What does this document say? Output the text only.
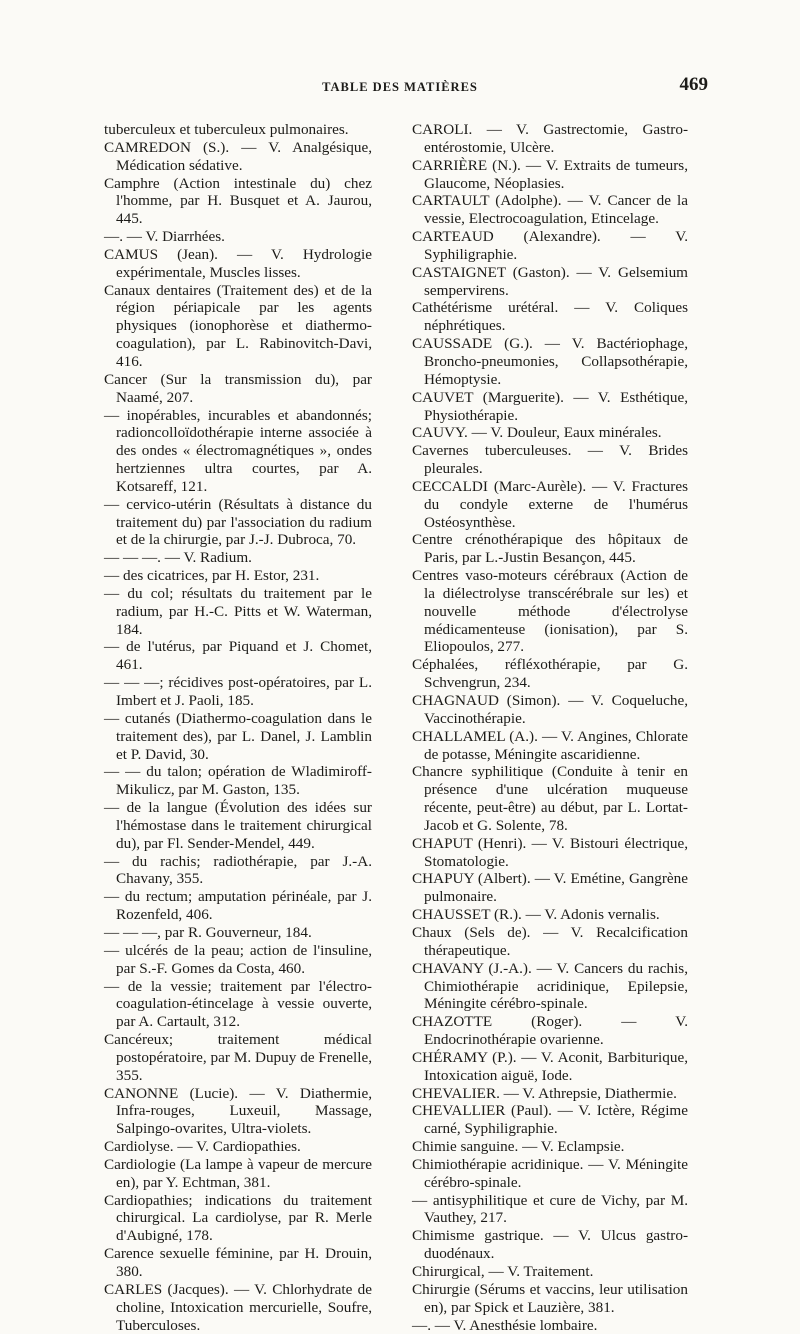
TABLE DES MATIÈRES	469

tuberculeux et tuberculeux pulmonaires.

CAMREDON (S.). — V. Analgésique, Médication sédative.

Camphre (Action intestinale du) chez l'homme, par H. Busquet et A. Jaurou, 445.

—. — V. Diarrhées.

CAMUS (Jean). — V. Hydrologie expérimentale, Muscles lisses.

Canaux dentaires (Traitement des) et de la région périapicale par les agents physiques (ionophorèse et diathermo-coagulation), par L. Rabinovitch-Davi, 416.

Cancer (Sur la transmission du), par Naamé, 207.

— inopérables, incurables et abandonnés; radioncolloïdothérapie interne associée à des ondes « électromagnétiques », ondes hertziennes ultra courtes, par A. Kotsareff, 121.

— cervico-utérin (Résultats à distance du traitement du) par l'association du radium et de la chirurgie, par J.-J. Dubroca, 70.

— — —. — V. Radium.

— des cicatrices, par H. Estor, 231.

— du col; résultats du traitement par le radium, par H.-C. Pitts et W. Waterman, 184.

— de l'utérus, par Piquand et J. Chomet, 461.

— — —; récidives post-opératoires, par L. Imbert et J. Paoli, 185.

— cutanés (Diathermo-coagulation dans le traitement des), par L. Danel, J. Lamblin et P. David, 30.

— — du talon; opération de Wladimiroff-Mikulicz, par M. Gaston, 135.

— de la langue (Évolution des idées sur l'hémostase dans le traitement chirurgical du), par Fl. Sender-Mendel, 449.

— du rachis; radiothérapie, par J.-A. Chavany, 355.

— du rectum; amputation périnéale, par J. Rozenfeld, 406.

— — —, par R. Gouverneur, 184.

— ulcérés de la peau; action de l'insuline, par S.-F. Gomes da Costa, 460.

— de la vessie; traitement par l'électro-coagulation-étincelage à vessie ouverte, par A. Cartault, 312.

Cancéreux; traitement médical postopératoire, par M. Dupuy de Frenelle, 355.

CANONNE (Lucie). — V. Diathermie, Infra-rouges, Luxeuil, Massage, Salpingo-ovarites, Ultra-violets.

Cardiolyse. — V. Cardiopathies.

Cardiologie (La lampe à vapeur de mercure en), par Y. Echtman, 381.

Cardiopathies; indications du traitement chirurgical. La cardiolyse, par R. Merle d'Aubigné, 178.

Carence sexuelle féminine, par H. Drouin, 380.

CARLES (Jacques). — V. Chlorhydrate de choline, Intoxication mercurielle, Soufre, Tuberculoses.

CAROLI. — V. Gastrectomie, Gastro-entérostomie, Ulcère.

CARRIÈRE (N.). — V. Extraits de tumeurs, Glaucome, Néoplasies.

CARTAULT (Adolphe). — V. Cancer de la vessie, Electrocoagulation, Etincelage.

CARTEAUD (Alexandre). — V. Syphiligraphie.

CASTAIGNET (Gaston). — V. Gelsemium sempervirens.

Cathétérisme urétéral. — V. Coliques néphrétiques.

CAUSSADE (G.). — V. Bactériophage, Broncho-pneumonies, Collapsothérapie, Hémoptysie.

CAUVET (Marguerite). — V. Esthétique, Physiothérapie.

CAUVY. — V. Douleur, Eaux minérales.

Cavernes tuberculeuses. — V. Brides pleurales.

CECCALDI (Marc-Aurèle). — V. Fractures du condyle externe de l'humérus Ostéosynthèse.

Centre crénothérapique des hôpitaux de Paris, par L.-Justin Besançon, 445.

Centres vaso-moteurs cérébraux (Action de la diélectrolyse transcérébrale sur les) et nouvelle méthode d'électrolyse médicamenteuse (ionisation), par S. Eliopoulos, 277.

Céphalées, réfléxothérapie, par G. Schvengrun, 234.

CHAGNAUD (Simon). — V. Coqueluche, Vaccinothérapie.

CHALLAMEL (A.). — V. Angines, Chlorate de potasse, Méningite ascaridienne.

Chancre syphilitique (Conduite à tenir en présence d'une ulcération muqueuse récente, peut-être) au début, par L. Lortat-Jacob et G. Solente, 78.

CHAPUT (Henri). — V. Bistouri électrique, Stomatologie.

CHAPUY (Albert). — V. Emétine, Gangrène pulmonaire.

CHAUSSET (R.). — V. Adonis vernalis.

Chaux (Sels de). — V. Recalcification thérapeutique.

CHAVANY (J.-A.). — V. Cancers du rachis, Chimiothérapie acridinique, Epilepsie, Méningite cérébro-spinale.

CHAZOTTE (Roger). — V. Endocrinothérapie ovarienne.

CHÉRAMY (P.). — V. Aconit, Barbiturique, Intoxication aiguë, Iode.

CHEVALIER. — V. Athrepsie, Diathermie.

CHEVALLIER (Paul). — V. Ictère, Régime carné, Syphiligraphie.

Chimie sanguine. — V. Eclampsie.

Chimiothérapie acridinique. — V. Méningite cérébro-spinale.

— antisyphilitique et cure de Vichy, par M. Vauthey, 217.

Chimisme gastrique. — V. Ulcus gastro-duodénaux.

Chirurgical, — V. Traitement.

Chirurgie (Sérums et vaccins, leur utilisation en), par Spick et Lauzière, 381.

—. — V. Anesthésie lombaire.
